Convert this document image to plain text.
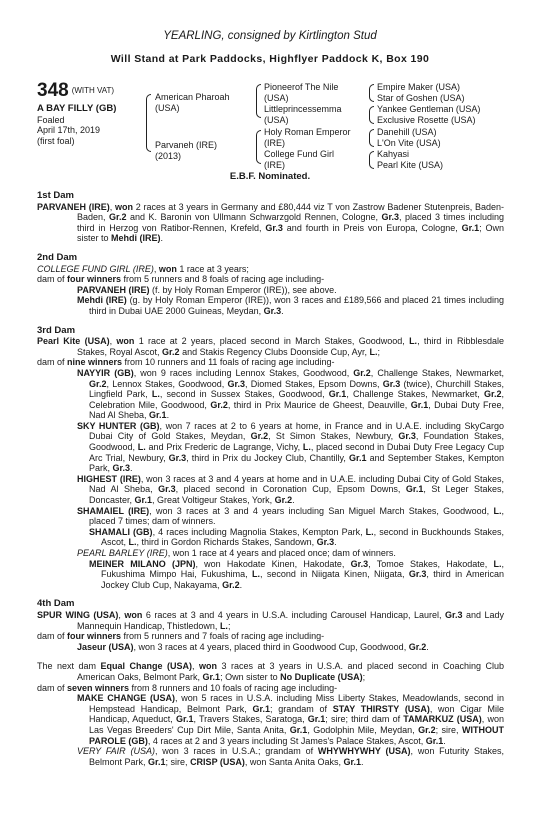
YEARLING, consigned by Kirtlington Stud
Will Stand at Park Paddocks, Highflyer Paddock K, Box 190
348 (WITH VAT)
A BAY FILLY (GB)
Foaled
April 17th, 2019
(first foal)
American Pharoah
(USA)
Parvaneh (IRE)
(2013)
Pioneerof The Nile
(USA)
Littleprincessemma
(USA)
Holy Roman Emperor
(IRE)
College Fund Girl
(IRE)
Empire Maker (USA)
Star of Goshen (USA)
Yankee Gentleman (USA)
Exclusive Rosette (USA)
Danehill (USA)
L'On Vite (USA)
Kahyasi
Pearl Kite (USA)
E.B.F. Nominated.
1st Dam
PARVANEH (IRE), won 2 races at 3 years in Germany and £80,444 viz T von Zastrow Badener Stutenpreis, Baden-Baden, Gr.2 and K. Baronin von Ullmann Schwarzgold Rennen, Cologne, Gr.3, placed 3 times including third in Herzog von Ratibor-Rennen, Krefeld, Gr.3 and fourth in Preis von Europa, Cologne, Gr.1; Own sister to Mehdi (IRE).
2nd Dam
COLLEGE FUND GIRL (IRE), won 1 race at 3 years;
dam of four winners from 5 runners and 8 foals of racing age including-
PARVANEH (IRE) (f. by Holy Roman Emperor (IRE)), see above.
Mehdi (IRE) (g. by Holy Roman Emperor (IRE)), won 3 races and £189,566 and placed 21 times including third in Dubai UAE 2000 Guineas, Meydan, Gr.3.
3rd Dam
Pearl Kite (USA), won 1 race at 2 years, placed second in March Stakes, Goodwood, L., third in Ribblesdale Stakes, Royal Ascot, Gr.2 and Stakis Regency Clubs Doonside Cup, Ayr, L.;
dam of nine winners from 10 runners and 11 foals of racing age including-
NAYYIR (GB), won 9 races including Lennox Stakes, Goodwood, Gr.2, Challenge Stakes, Newmarket, Gr.2, Lennox Stakes, Goodwood, Gr.3, Diomed Stakes, Epsom Downs, Gr.3 (twice), Churchill Stakes, Lingfield Park, L., second in Sussex Stakes, Goodwood, Gr.1, Challenge Stakes, Newmarket, Gr.2, Celebration Mile, Goodwood, Gr.2, third in Prix Maurice de Gheest, Deauville, Gr.1, Dubai Duty Free, Nad Al Sheba, Gr.1.
SKY HUNTER (GB), won 7 races at 2 to 6 years at home, in France and in U.A.E. including SkyCargo Dubai City of Gold Stakes, Meydan, Gr.2, St Simon Stakes, Newbury, Gr.3, Foundation Stakes, Goodwood, L. and Prix Frederic de Lagrange, Vichy, L., placed second in Dubai Duty Free Legacy Cup Arc Trial, Newbury, Gr.3, third in Prix du Jockey Club, Chantilly, Gr.1 and September Stakes, Kempton Park, Gr.3.
HIGHEST (IRE), won 3 races at 3 and 4 years at home and in U.A.E. including Dubai City of Gold Stakes, Nad Al Sheba, Gr.3, placed second in Coronation Cup, Epsom Downs, Gr.1, St Leger Stakes, Doncaster, Gr.1, Great Voltigeur Stakes, York, Gr.2.
SHAMAIEL (IRE), won 3 races at 3 and 4 years including San Miguel March Stakes, Goodwood, L., placed 7 times; dam of winners.
SHAMALI (GB), 4 races including Magnolia Stakes, Kempton Park, L., second in Buckhounds Stakes, Ascot, L., third in Gordon Richards Stakes, Sandown, Gr.3.
PEARL BARLEY (IRE), won 1 race at 4 years and placed once; dam of winners.
MEINER MILANO (JPN), won Hakodate Kinen, Hakodate, Gr.3, Tomoe Stakes, Hakodate, L., Fukushima Mimpo Hai, Fukushima, L., second in Niigata Kinen, Niigata, Gr.3, third in American Jockey Club Cup, Nakayama, Gr.2.
4th Dam
SPUR WING (USA), won 6 races at 3 and 4 years in U.S.A. including Carousel Handicap, Laurel, Gr.3 and Lady Mannequin Handicap, Thistledown, L.;
dam of four winners from 5 runners and 7 foals of racing age including-
Jaseur (USA), won 3 races at 4 years, placed third in Goodwood Cup, Goodwood, Gr.2.
The next dam Equal Change (USA), won 3 races at 3 years in U.S.A. and placed second in Coaching Club American Oaks, Belmont Park, Gr.1; Own sister to No Duplicate (USA);
dam of seven winners from 8 runners and 10 foals of racing age including-
MAKE CHANGE (USA), won 5 races in U.S.A. including Miss Liberty Stakes, Meadowlands, second in Hempstead Handicap, Belmont Park, Gr.1; grandam of STAY THIRSTY (USA), won Cigar Mile Handicap, Aqueduct, Gr.1, Travers Stakes, Saratoga, Gr.1; sire; third dam of TAMARKUZ (USA), won Las Vegas Breeders' Cup Dirt Mile, Santa Anita, Gr.1, Godolphin Mile, Meydan, Gr.2; sire, WITHOUT PAROLE (GB), 4 races at 2 and 3 years including St James's Palace Stakes, Ascot, Gr.1.
VERY FAIR (USA), won 3 races in U.S.A.; grandam of WHYWHYWHY (USA), won Futurity Stakes, Belmont Park, Gr.1; sire, CRISP (USA), won Santa Anita Oaks, Gr.1.
